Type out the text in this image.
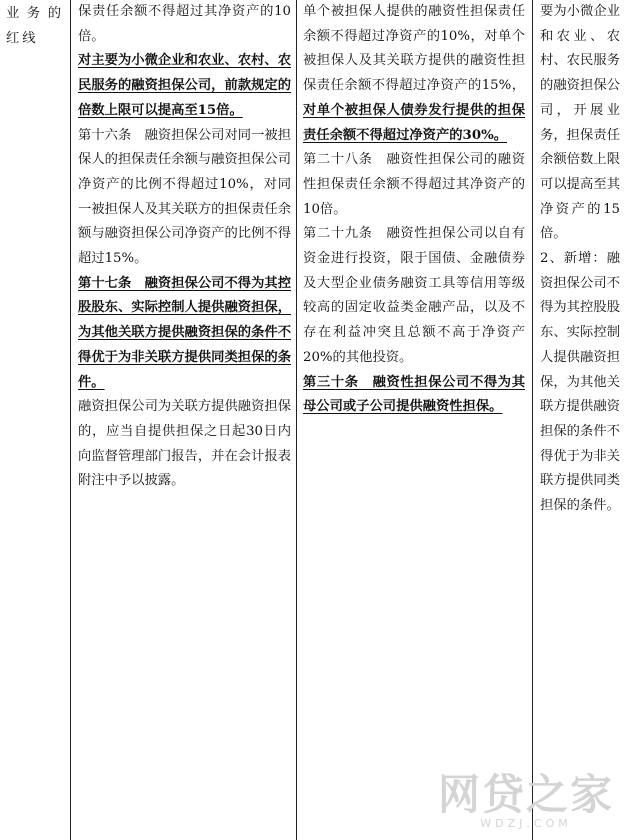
业务的红线

保责任余额不得超过其净资产的10倍。

对主要为小微企业和农业、农村、农民服务的融资担保公司，前款规定的倍数上限可以提高至15倍。

第十六条　融资担保公司对同一被担保人的担保责任余额与融资担保公司净资产的比例不得超过10%，对同一被担保人及其关联方的担保责任余额与融资担保公司净资产的比例不得超过15%。

第十七条　融资担保公司不得为其控股股东、实际控制人提供融资担保，为其他关联方提供融资担保的条件不得优于为非关联方提供同类担保的条件。

融资担保公司为关联方提供融资担保的，应当自提供担保之日起30日内向监督管理部门报告，并在会计报表附注中予以披露。

单个被担保人提供的融资性担保责任余额不得超过净资产的10%，对单个被担保人及其关联方提供的融资性担保责任余额不得超过净资产的15%，对单个被担保人债券发行提供的担保责任余额不得超过净资产的30%。

第二十八条　融资性担保公司的融资性担保责任余额不得超过其净资产的10倍。

第二十九条　融资性担保公司以自有资金进行投资，限于国债、金融债券及大型企业债务融资工具等信用等级较高的固定收益类金融产品，以及不存在利益冲突且总额不高于净资产20%的其他投资。

第三十条　融资性担保公司不得为其母公司或子公司提供融资性担保。

要为小微企业和农业、农村、农民服务的融资担保公司，开展业务，担保责任余额倍数上限可以提高至其净资产的15倍。

2、新增：融资担保公司不得为其控股股东、实际控制人提供融资担保，为其他关联方提供融资担保的条件不得优于为非关联方提供同类担保的条件。

网贷之家
WDZJ.COM
